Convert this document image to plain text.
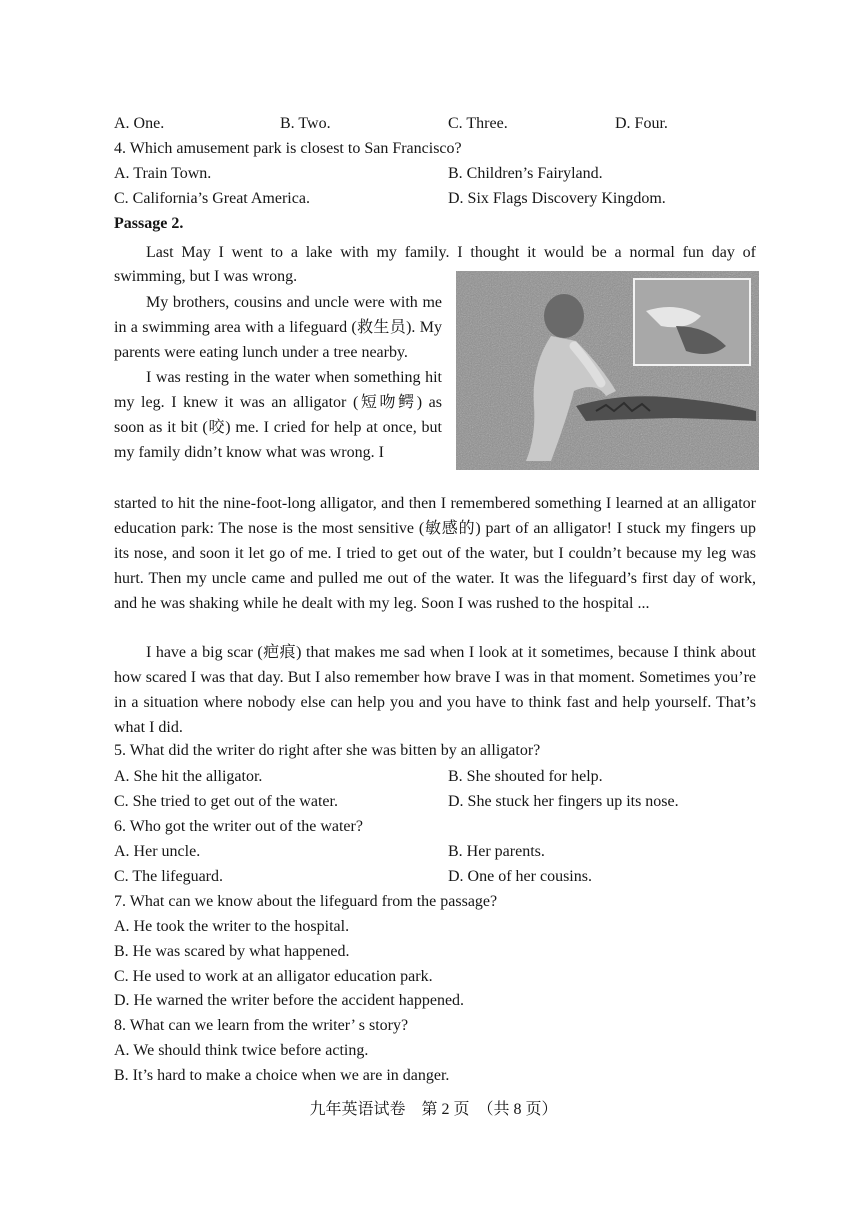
A. One.	B. Two.	C. Three.	D. Four.
4. Which amusement park is closest to San Francisco?
A. Train Town.	B. Children’s Fairyland.
C. California’s Great America.	D. Six Flags Discovery Kingdom.
Passage 2.

Last May I went to a lake with my family. I thought it would be a normal fun day of

swimming, but I was wrong.

My brothers, cousins and uncle were with me in a swimming area with a lifeguard (救生员). My parents were eating lunch under a tree nearby.

I was resting in the water when something hit my leg. I knew it was an alligator (短吻鳄) as soon as it bit (咬) me. I cried for help at once, but my family didn’t know what was wrong. I

started to hit the nine-foot-long alligator, and then I remembered something I learned at an alligator education park: The nose is the most sensitive (敏感的) part of an alligator! I stuck my fingers up its nose, and soon it let go of me. I tried to get out of the water, but I couldn’t because my leg was hurt. Then my uncle came and pulled me out of the water. It was the lifeguard’s first day of work, and he was shaking while he dealt with my leg. Soon I was rushed to the hospital ...

I have a big scar (疤痕) that makes me sad when I look at it sometimes, because I think about how scared I was that day. But I also remember how brave I was in that moment. Sometimes you’re in a situation where nobody else can help you and you have to think fast and help yourself. That’s what I did.

5. What did the writer do right after she was bitten by an alligator?
A. She hit the alligator.	B. She shouted for help.
C. She tried to get out of the water.	D. She stuck her fingers up its nose.
6. Who got the writer out of the water?
A. Her uncle.	B. Her parents.
C. The lifeguard.	D. One of her cousins.
7. What can we know about the lifeguard from the passage?
A. He took the writer to the hospital.
B. He was scared by what happened.
C. He used to work at an alligator education park.
D. He warned the writer before the accident happened.
8. What can we learn from the writer’ s story?
A. We should think twice before acting.
B. It’s hard to make a choice when we are in danger.
九年英语试卷　第 2 页　（共 8 页）
